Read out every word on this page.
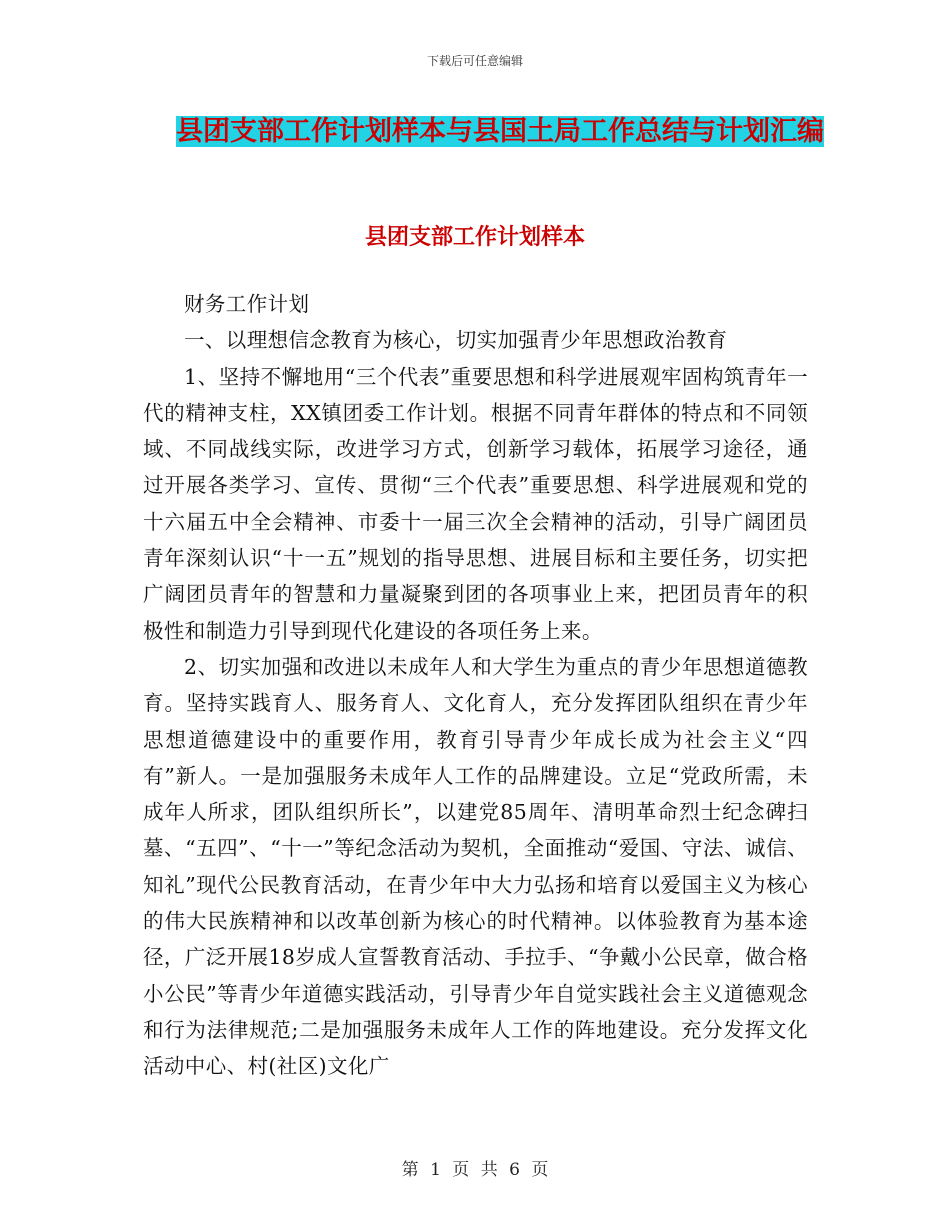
下载后可任意编辑
县团支部工作计划样本与县国土局工作总结与计划汇编
县团支部工作计划样本

财务工作计划

一、以理想信念教育为核心，切实加强青少年思想政治教育

1、坚持不懈地用“三个代表”重要思想和科学进展观牢固构筑青年一代的精神支柱，XX镇团委工作计划。根据不同青年群体的特点和不同领域、不同战线实际，改进学习方式，创新学习载体，拓展学习途径，通过开展各类学习、宣传、贯彻“三个代表”重要思想、科学进展观和党的十六届五中全会精神、市委十一届三次全会精神的活动，引导广阔团员青年深刻认识“十一五”规划的指导思想、进展目标和主要任务，切实把广阔团员青年的智慧和力量凝聚到团的各项事业上来，把团员青年的积极性和制造力引导到现代化建设的各项任务上来。

2、切实加强和改进以未成年人和大学生为重点的青少年思想道德教育。坚持实践育人、服务育人、文化育人，充分发挥团队组织在青少年思想道德建设中的重要作用，教育引导青少年成长成为社会主义“四有”新人。一是加强服务未成年人工作的品牌建设。立足“党政所需，未成年人所求，团队组织所长”，以建党85周年、清明革命烈士纪念碑扫墓、“五四”、“十一”等纪念活动为契机，全面推动“爱国、守法、诚信、知礼”现代公民教育活动，在青少年中大力弘扬和培育以爱国主义为核心的伟大民族精神和以改革创新为核心的时代精神。以体验教育为基本途径，广泛开展18岁成人宣誓教育活动、手拉手、“争戴小公民章，做合格小公民”等青少年道德实践活动，引导青少年自觉实践社会主义道德观念和行为法律规范;二是加强服务未成年人工作的阵地建设。充分发挥文化活动中心、村(社区)文化广

第 1 页 共 6 页
